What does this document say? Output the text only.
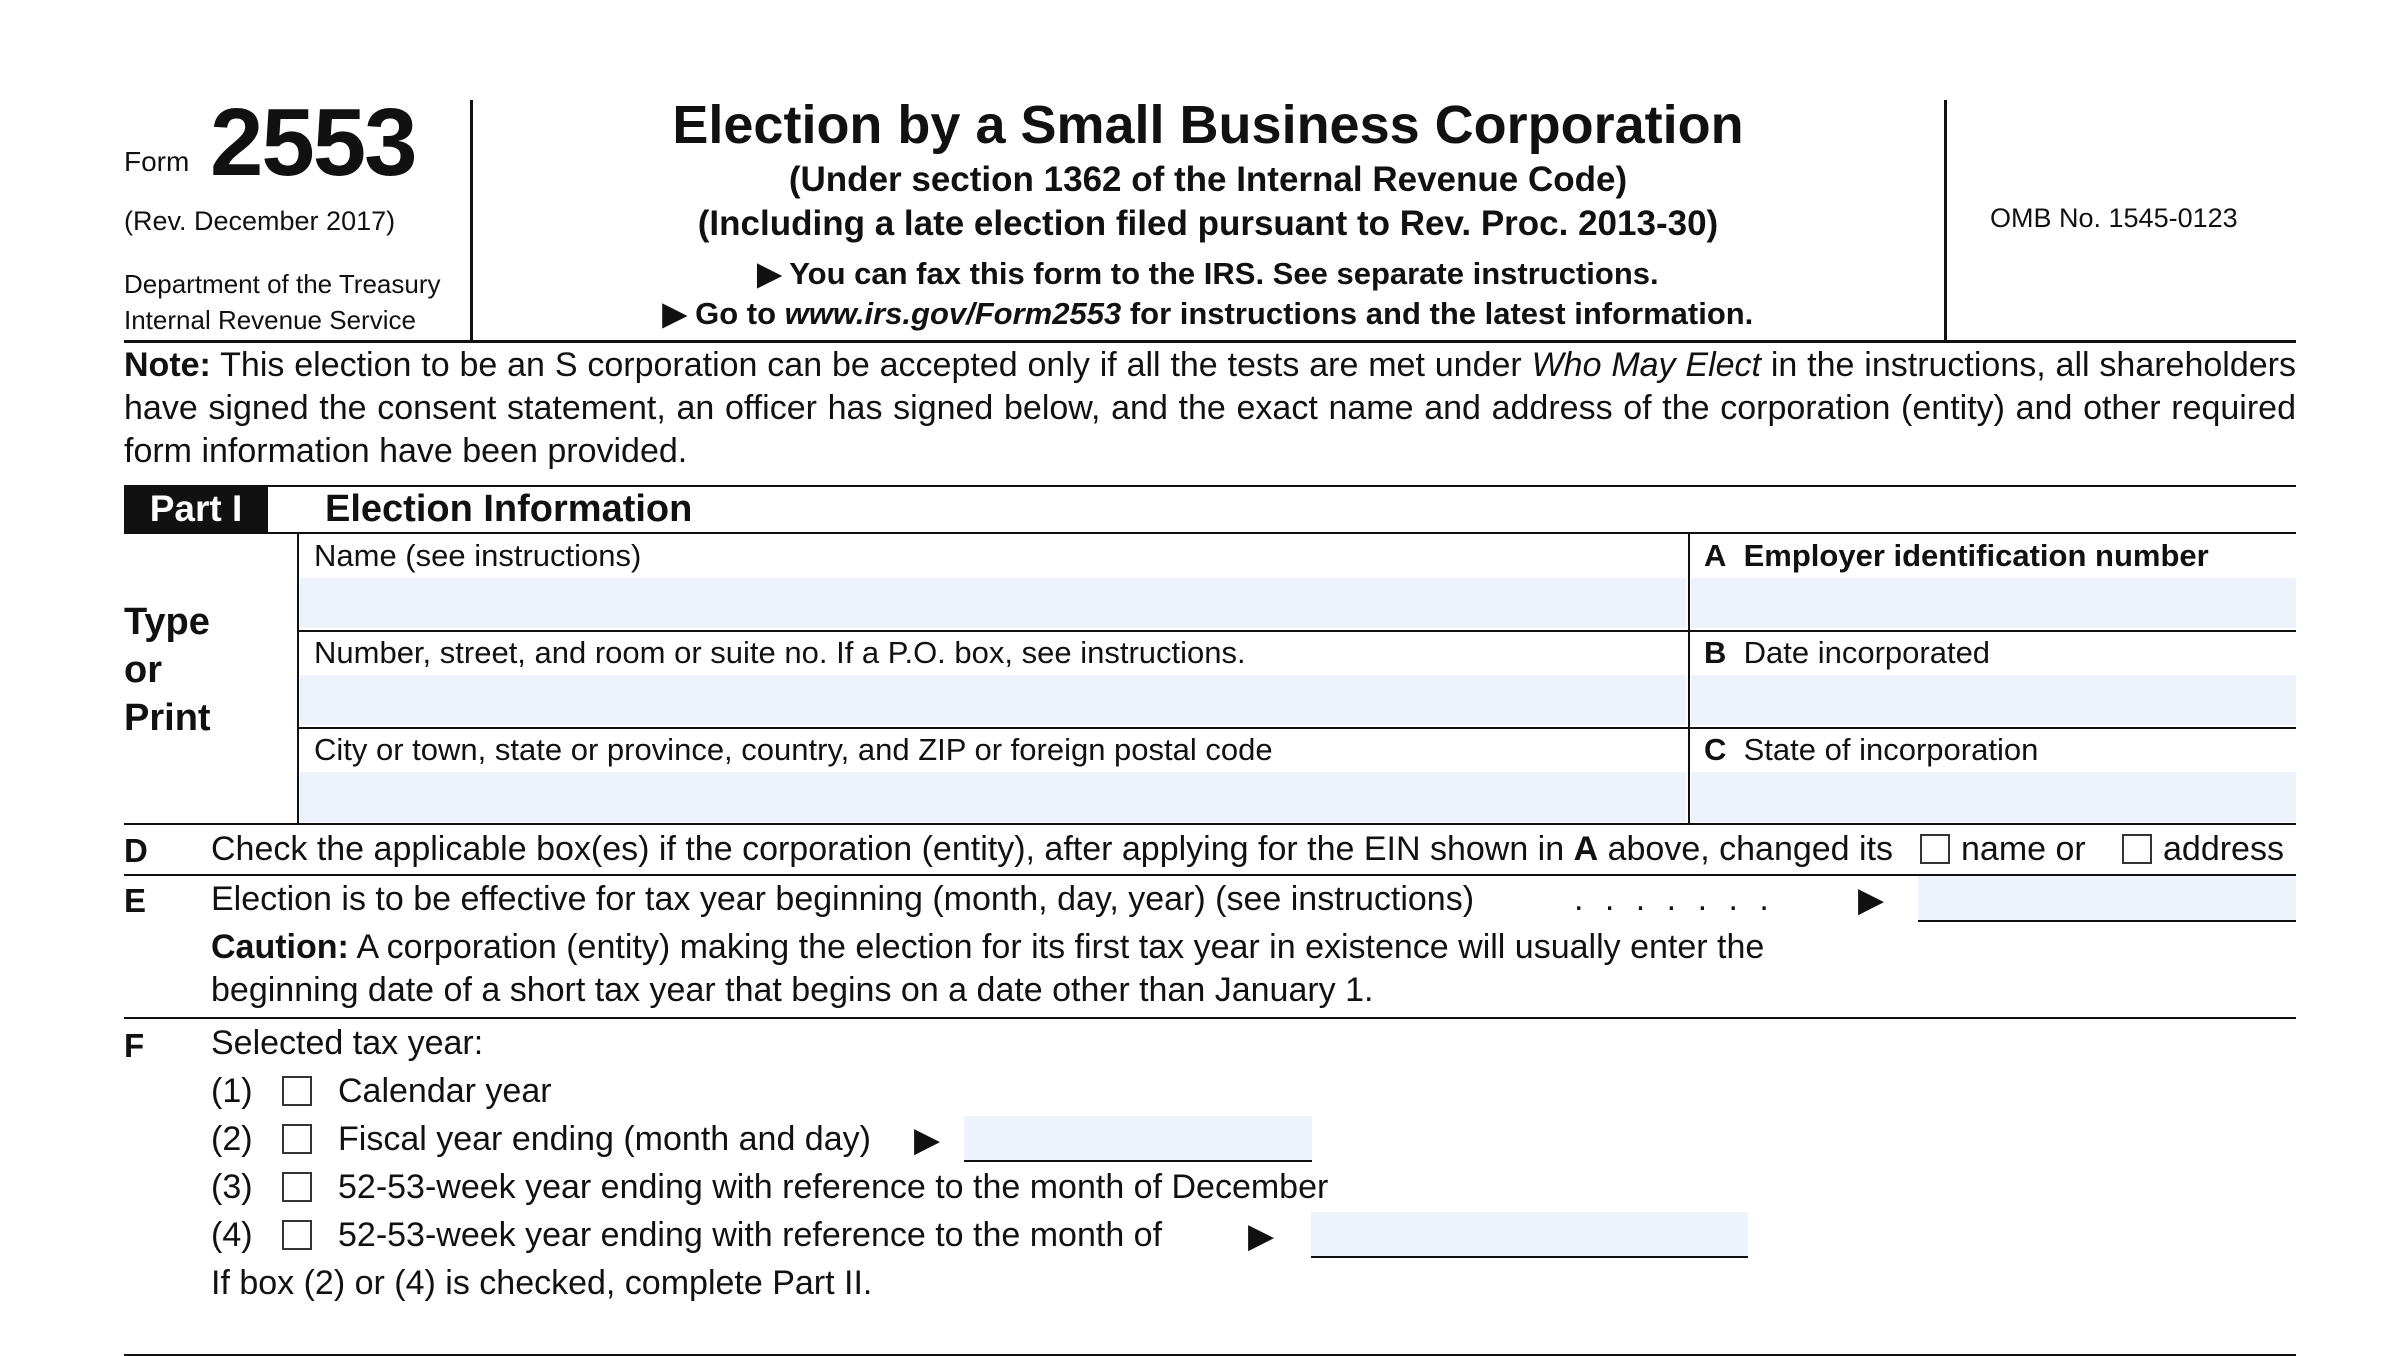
Form 2553
(Rev. December 2017)
Department of the Treasury
Internal Revenue Service
Election by a Small Business Corporation
(Under section 1362 of the Internal Revenue Code)
(Including a late election filed pursuant to Rev. Proc. 2013-30)
▶ You can fax this form to the IRS. See separate instructions.
▶ Go to www.irs.gov/Form2553 for instructions and the latest information.
OMB No. 1545-0123
Note: This election to be an S corporation can be accepted only if all the tests are met under Who May Elect in the instructions, all shareholders have signed the consent statement, an officer has signed below, and the exact name and address of the corporation (entity) and other required form information have been provided.
Part I	Election Information
Type
or
Print
Name (see instructions)	A Employer identification number
Number, street, and room or suite no. If a P.O. box, see instructions.	B Date incorporated
City or town, state or province, country, and ZIP or foreign postal code	C State of incorporation
D Check the applicable box(es) if the corporation (entity), after applying for the EIN shown in A above, changed its name or address
E Election is to be effective for tax year beginning (month, day, year) (see instructions)	. . . . . . . ▶
Caution: A corporation (entity) making the election for its first tax year in existence will usually enter the
beginning date of a short tax year that begins on a date other than January 1.
F Selected tax year:
(1)	Calendar year
(2)	Fiscal year ending (month and day) ▶
(3)	52-53-week year ending with reference to the month of December
(4)	52-53-week year ending with reference to the month of	▶
If box (2) or (4) is checked, complete Part II.
